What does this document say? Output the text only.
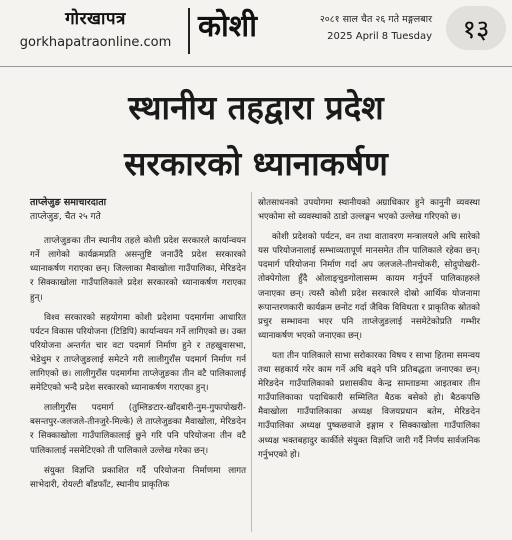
गोरखापत्र
gorkhapatraonline.com कोशी	२०८१ साल चैत २६ गते मङ्गलबार
2025 April 8 Tuesday	१३
स्थानीय तहद्वारा प्रदेश
सरकारको ध्यानाकर्षण
ताप्लेजुङ समाचारदाता
ताप्लेजुङ, चैत २५ गते

ताप्लेजुङका तीन स्थानीय तहले कोशी प्रदेश सरकारले कार्यान्वयन गर्ने लागेको कार्यक्रमप्रति असन्तुष्टि जनाउँदै प्रदेश सरकारको ध्यानाकर्षण गराएका छन्। जिल्लाका मैवाखोला गाउँपालिका, मेरिङदेन र सिक्काखोला गाउँपालिकाले प्रदेश सरकारको ध्यानाकर्षण गराएका हुन्।

विश्व सरकारको सहयोगमा कोशी प्रदेशमा पदमार्गमा आधारित पर्यटन विकास परियोजना (टिडिपि) कार्यान्वयन गर्ने लागिएको छ। उक्त परियोजना अन्तर्गत चार वटा पदमार्ग निर्माण हुने र तहखुवासभा, भेडेथुम र ताप्लेजुङलाई समेटने गरी लालीगुराँस पदमार्ग निर्माण गर्न लागिएको छ। लालीगुराँस पदमार्गमा ताप्लेजुङका तीन वटै पालिकालाई समेटिएको भन्दै प्रदेश सरकारको ध्यानाकर्षण गराएका हुन्।

लालीगुराँस पदमार्ग (तुम्लिङटार-खाँदबारी-नुम-गुफापोखरी-बसन्तपुर-जलजले-तीनजुरे-मिल्के) ले ताप्लेजुङका मैवाखोला, मेरिङदेन र सिक्काखोला गाउँपालिकालाई छुने गरि पनि परियोजना तीन वटै पालिकालाई नसमेटिएको ती पालिकाले उल्लेख गरेका छन्।

संयुक्त विज्ञप्ति प्रकाशित गर्दै परियोजना निर्माणमा लागत साभेदारी, रोयल्टी बाँडफाँट, स्थानीय प्राकृतिक

स्रोतसाधनको उपयोगमा स्थानीयको अग्राधिकार हुने कानुनी व्यवस्था भएकोमा सो व्यवस्थाको ठाडो उल्लङ्घन भएको उल्लेख गरिएको छ।

कोशी प्रदेशको पर्यटन, वन तथा वातावरण मन्त्रालयले अघि सारेको यस परियोजनालाई सम्भाव्यतापूर्ण मानसमेत तीन पालिकाले रहेका छन्। पदमार्ग परियोजना निर्माण गर्दा अप जलजले-तीनचोकरी, सोदुपोखरी-तोक्पेगोला हुँदै ओलाङ्चुङगोलासम्म कायम गर्नुपर्ने पालिकाहरुले जनाएका छन्। त्यस्तै कोशी प्रदेश सरकारले दोस्रो आर्थिक योजनामा रूपान्तरणकारी कार्यक्रम छनोट गर्दा जैविक विविधता र प्राकृतिक स्रोतको प्रचुर सम्भावना भएर पनि ताप्लेजुङलाई नसमेटेकोप्रति गम्भीर ध्यानाकर्षण भएको जनाएका छन्।

यता तीन पालिकाले साभा सरोकारका विषय र साभा हितमा समन्वय तथा सहकार्य गरेर काम गर्ने अघि बढ्ने पनि प्रतिबद्धता जनाएका छन्। मेरिङदेन गाउँपालिकाको प्रशासकीय केन्द्र साम्ताङमा आइतबार तीन गाउँपालिकाका पदाधिकारी सम्मिलित बैठक बसेको हो। बैठकपछि मैवाखोला गाउँपालिकाका अध्यक्ष विजयप्रधान बतेम, मेरिङदेन गाउँपालिका अध्यक्ष पुष्कछवाजे इङ्गाम र सिक्काखोला गाउँपालिका अध्यक्ष भक्तबहादुर कार्कीले संयुक्त विज्ञप्ति जारी गर्दै निर्णय सार्वजनिक गर्नुभएको हो।
